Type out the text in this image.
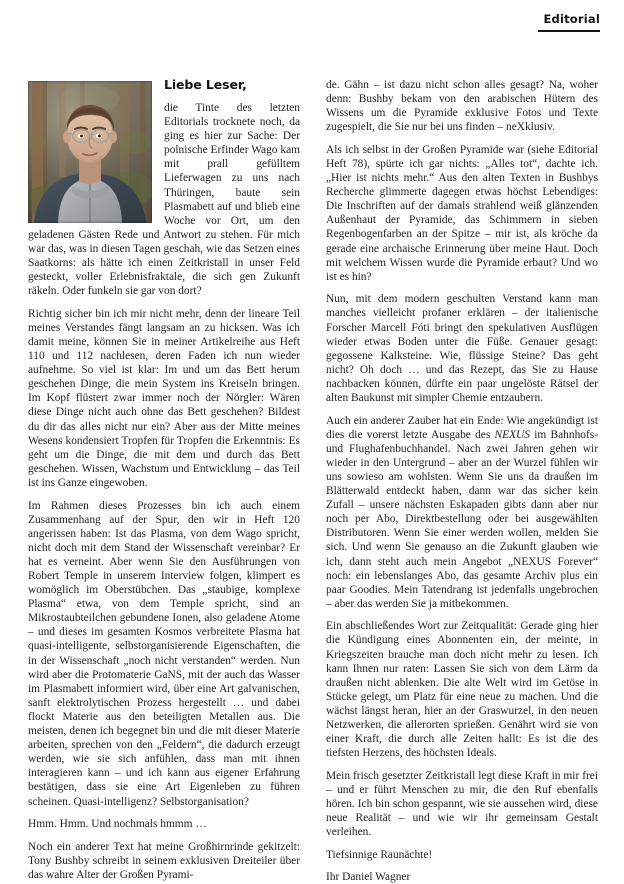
Editorial
Liebe Leser,

die Tinte des letzten Editorials trocknete noch, da ging es hier zur Sache: Der polnische Erfinder Wago kam mit prall gefülltem Lieferwagen zu uns nach Thüringen, baute sein Plasmabett auf und blieb eine Woche vor Ort, um den geladenen Gästen Rede und Antwort zu stehen. Für mich war das, was in diesen Tagen geschah, wie das Setzen eines Saatkorns: als hätte ich einen Zeitkristall in unser Feld gesteckt, voller Erlebnisfraktale, die sich gen Zukunft räkeln. Oder funkeln sie gar von dort?

Richtig sicher bin ich mir nicht mehr, denn der lineare Teil meines Verstandes fängt langsam an zu hicksen. Was ich damit meine, können Sie in meiner Artikelreihe aus Heft 110 und 112 nachlesen, deren Faden ich nun wieder aufnehme. So viel ist klar: Im und um das Bett herum geschehen Dinge, die mein System ins Kreiseln bringen. Im Kopf flüstert zwar immer noch der Nörgler: Wären diese Dinge nicht auch ohne das Bett geschehen? Bildest du dir das alles nicht nur ein? Aber aus der Mitte meines Wesens kondensiert Tropfen für Tropfen die Erkenntnis: Es geht um die Dinge, die mit dem und durch das Bett geschehen. Wissen, Wachstum und Entwicklung – das Teil ist ins Ganze eingewoben.

Im Rahmen dieses Prozesses bin ich auch einem Zusammenhang auf der Spur, den wir in Heft 120 angerissen haben: Ist das Plasma, von dem Wago spricht, nicht doch mit dem Stand der Wissenschaft vereinbar? Er hat es verneint. Aber wenn Sie den Ausführungen von Robert Temple in unserem Interview folgen, klimpert es womöglich im Oberstübchen. Das „staubige, komplexe Plasma“ etwa, von dem Temple spricht, sind an Mikrostaubteilchen gebundene Ionen, also geladene Atome – und dieses im gesamten Kosmos verbreitete Plasma hat quasi-intelligente, selbstorganisierende Eigenschaften, die in der Wissenschaft „noch nicht verstanden“ werden. Nun wird aber die Protomaterie GaNS, mit der auch das Wasser im Plasmabett informiert wird, über eine Art galvanischen, sanft elektrolytischen Prozess hergestellt … und dabei flockt Materie aus den beteiligten Metallen aus. Die meisten, denen ich begegnet bin und die mit dieser Materie arbeiten, sprechen von den „Feldern“, die dadurch erzeugt werden, wie sie sich anfühlen, dass man mit ihnen interagieren kann – und ich kann aus eigener Erfahrung bestätigen, dass sie eine Art Eigenleben zu führen scheinen. Quasi-intelligenz? Selbstorganisation?

Hmm. Hmm. Und nochmals hmmm …

Noch ein anderer Text hat meine Großhirnrinde gekitzelt: Tony Bushby schreibt in seinem exklusiven Dreiteiler über das wahre Alter der Großen Pyrami-

de. Gähn – ist dazu nicht schon alles gesagt? Na, woher denn: Bushby bekam von den arabischen Hütern des Wissens um die Pyramide exklusive Fotos und Texte zugespielt, die Sie nur bei uns finden – neXklusiv.

Als ich selbst in der Großen Pyramide war (siehe Editorial Heft 78), spürte ich gar nichts: „Alles tot“, dachte ich. „Hier ist nichts mehr.“ Aus den alten Texten in Bushbys Recherche glimmerte dagegen etwas höchst Lebendiges: Die Inschriften auf der damals strahlend weiß glänzenden Außenhaut der Pyramide, das Schimmern in sieben Regenbogenfarben an der Spitze – mir ist, als kröche da gerade eine archaische Erinnerung über meine Haut. Doch mit welchem Wissen wurde die Pyramide erbaut? Und wo ist es hin?

Nun, mit dem modern geschulten Verstand kann man manches vielleicht profaner erklären – der italienische Forscher Marcell Fóti bringt den spekulativen Ausflügen wieder etwas Boden unter die Füße. Genauer gesagt: gegossene Kalksteine. Wie, flüssige Steine? Das geht nicht? Oh doch … und das Rezept, das Sie zu Hause nachbacken können, dürfte ein paar ungelöste Rätsel der alten Baukunst mit simpler Chemie entzaubern.

Auch ein anderer Zauber hat ein Ende: Wie angekündigt ist dies die vorerst letzte Ausgabe des NEXUS im Bahnhofs- und Flughafenbuchhandel. Nach zwei Jahren gehen wir wieder in den Untergrund – aber an der Wurzel fühlen wir uns sowieso am wohlsten. Wenn Sie uns da draußen im Blätterwald entdeckt haben, dann war das sicher kein Zufall – unsere nächsten Eskapaden gibts dann aber nur noch per Abo, Direktbestellung oder bei ausgewählten Distributoren. Wenn Sie einer werden wollen, melden Sie sich. Und wenn Sie genauso an die Zukunft glauben wie ich, dann steht auch mein Angebot „NEXUS Forever“ noch: ein lebenslanges Abo, das gesamte Archiv plus ein paar Goodies. Mein Tatendrang ist jedenfalls ungebrochen – aber das werden Sie ja mitbekommen.

Ein abschließendes Wort zur Zeitqualität: Gerade ging hier die Kündigung eines Abonnenten ein, der meinte, in Kriegszeiten brauche man doch nicht mehr zu lesen. Ich kann Ihnen nur raten: Lassen Sie sich von dem Lärm da draußen nicht ablenken. Die alte Welt wird im Getöse in Stücke gelegt, um Platz für eine neue zu machen. Und die wächst längst heran, hier an der Graswurzel, in den neuen Netzwerken, die allerorten sprießen. Genährt wird sie von einer Kraft, die durch alle Zeiten hallt: Es ist die des tiefsten Herzens, des höchsten Ideals.

Mein frisch gesetzter Zeitkristall legt diese Kraft in mir frei – und er führt Menschen zu mir, die den Ruf ebenfalls hören. Ich bin schon gespannt, wie sie aussehen wird, diese neue Realität – und wie wir ihr gemeinsam Gestalt verleihen.

Tiefsinnige Raunächte!

Ihr Daniel Wagner
